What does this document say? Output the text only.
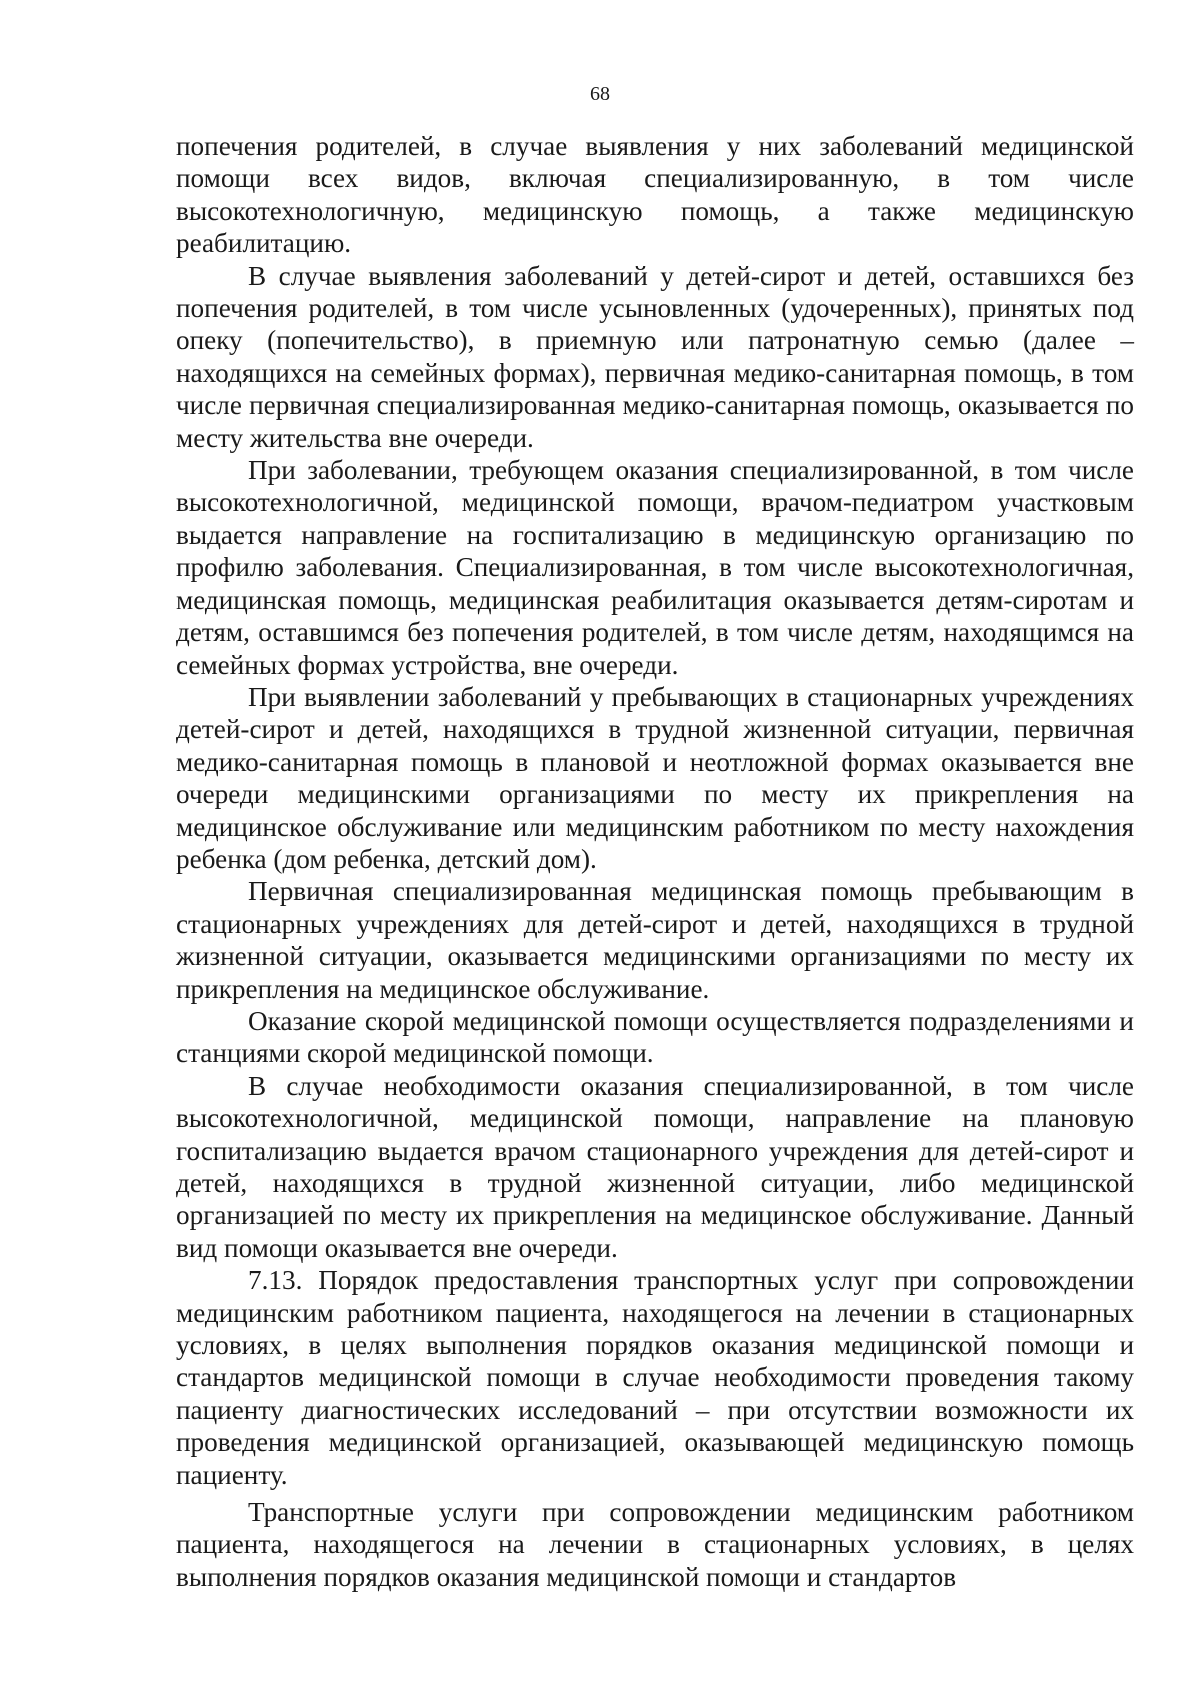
68

попечения родителей, в случае выявления у них заболеваний медицинской помощи всех видов, включая специализированную, в том числе высокотехнологичную, медицинскую помощь, а также медицинскую реабилитацию.

В случае выявления заболеваний у детей-сирот и детей, оставшихся без попечения родителей, в том числе усыновленных (удочеренных), принятых под опеку (попечительство), в приемную или патронатную семью (далее – находящихся на семейных формах), первичная медико-санитарная помощь, в том числе первичная специализированная медико-санитарная помощь, оказывается по месту жительства вне очереди.

При заболевании, требующем оказания специализированной, в том числе высокотехнологичной, медицинской помощи, врачом-педиатром участковым выдается направление на госпитализацию в медицинскую организацию по профилю заболевания. Специализированная, в том числе высокотехнологичная, медицинская помощь, медицинская реабилитация оказывается детям-сиротам и детям, оставшимся без попечения родителей, в том числе детям, находящимся на семейных формах устройства, вне очереди.

При выявлении заболеваний у пребывающих в стационарных учреждениях детей-сирот и детей, находящихся в трудной жизненной ситуации, первичная медико-санитарная помощь в плановой и неотложной формах оказывается вне очереди медицинскими организациями по месту их прикрепления на медицинское обслуживание или медицинским работником по месту нахождения ребенка (дом ребенка, детский дом).

Первичная специализированная медицинская помощь пребывающим в стационарных учреждениях для детей-сирот и детей, находящихся в трудной жизненной ситуации, оказывается медицинскими организациями по месту их прикрепления на медицинское обслуживание.

Оказание скорой медицинской помощи осуществляется подразделениями и станциями скорой медицинской помощи.

В случае необходимости оказания специализированной, в том числе высокотехнологичной, медицинской помощи, направление на плановую госпитализацию выдается врачом стационарного учреждения для детей-сирот и детей, находящихся в трудной жизненной ситуации, либо медицинской организацией по месту их прикрепления на медицинское обслуживание. Данный вид помощи оказывается вне очереди.

7.13. Порядок предоставления транспортных услуг при сопровождении медицинским работником пациента, находящегося на лечении в стационарных условиях, в целях выполнения порядков оказания медицинской помощи и стандартов медицинской помощи в случае необходимости проведения такому пациенту диагностических исследований – при отсутствии возможности их проведения медицинской организацией, оказывающей медицинскую помощь пациенту.

Транспортные услуги при сопровождении медицинским работником пациента, находящегося на лечении в стационарных условиях, в целях выполнения порядков оказания медицинской помощи и стандартов
